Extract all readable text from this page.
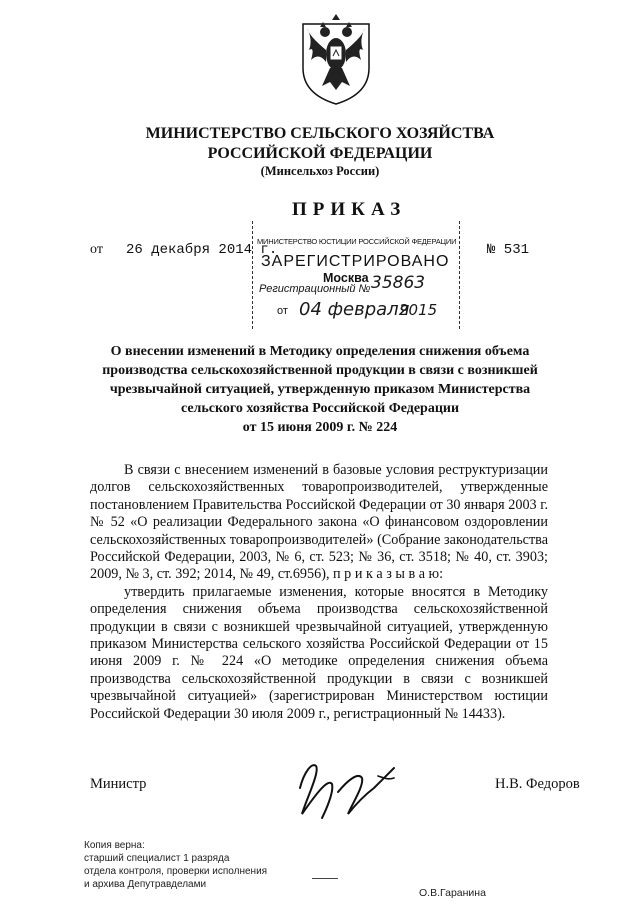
МИНИСТЕРСТВО СЕЛЬСКОГО ХОЗЯЙСТВА
РОССИЙСКОЙ ФЕДЕРАЦИИ
(Минсельхоз России)
ПРИКАЗ
МИНИСТЕРСТВО ЮСТИЦИИ РОССИЙСКОЙ ФЕДЕРАЦИИ
ЗАРЕГИСТРИРОВАНО
Москва
Регистрационный № 35863
от 04 февраля
2015
от 26 декабря 2014 г.	№ 531
О внесении изменений в Методику определения снижения объема
производства сельскохозяйственной продукции в связи с возникшей
чрезвычайной ситуацией, утвержденную приказом Министерства
сельского хозяйства Российской Федерации
от 15 июня 2009 г. № 224

В связи с внесением изменений в базовые условия реструктуризации долгов сельскохозяйственных товаропроизводителей, утвержденные постановлением Правительства Российской Федерации от 30 января 2003 г. № 52 «О реализации Федерального закона «О финансовом оздоровлении сельскохозяйственных товаропроизводителей» (Собрание законодательства Российской Федерации, 2003, № 6, ст. 523; № 36, ст. 3518; № 40, ст. 3903; 2009, № 3, ст. 392; 2014, № 49, ст.6956), п р и к а з ы в а ю:

утвердить прилагаемые изменения, которые вносятся в Методику определения снижения объема производства сельскохозяйственной продукции в связи с возникшей чрезвычайной ситуацией, утвержденную приказом Министерства сельского хозяйства Российской Федерации от 15 июня 2009 г. № 224 «О методике определения снижения объема производства сельскохозяйственной продукции в связи с возникшей чрезвычайной ситуацией» (зарегистрирован Министерством юстиции Российской Федерации 30 июля 2009 г., регистрационный № 14433).

Министр	Н.В. Федоров
Копия верна:
старший специалист 1 разряда
отдела контроля, проверки исполнения
и архива Депутравделами
О.В.Гаранина
